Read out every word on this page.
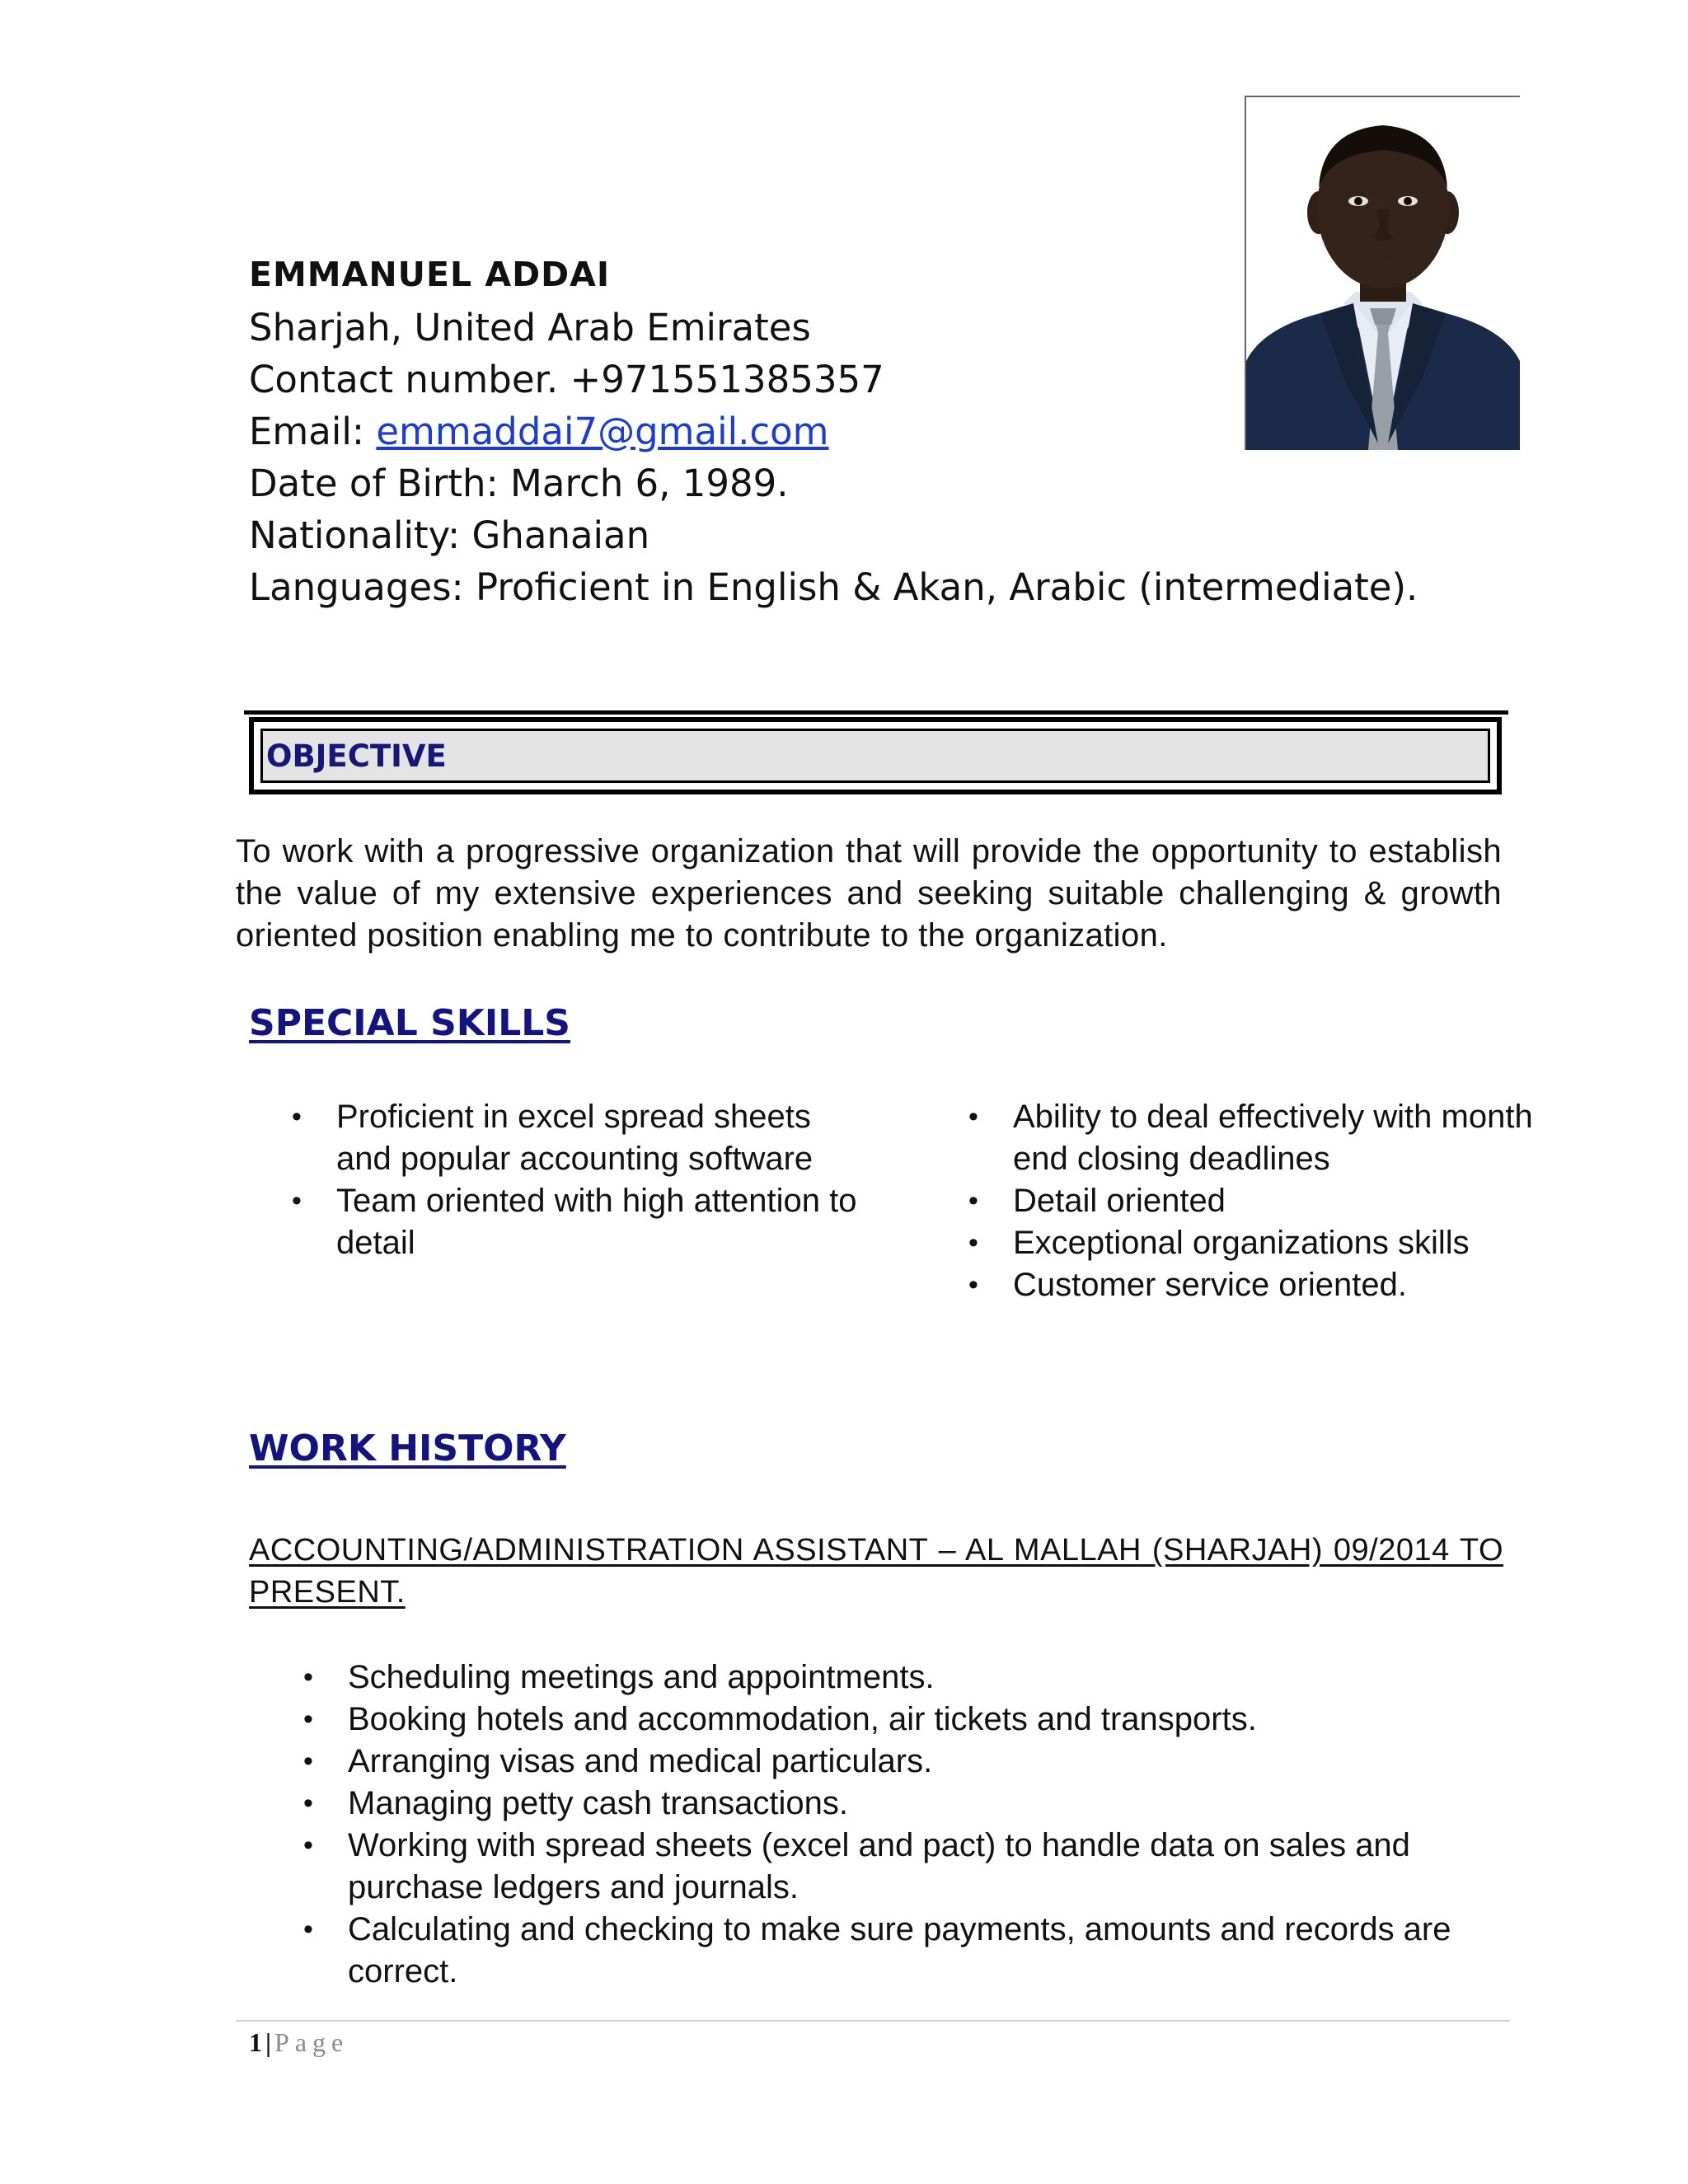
EMMANUEL ADDAI
Sharjah, United Arab Emirates
Contact number. +971551385357
Email: emmaddai7@gmail.com
Date of Birth: March 6, 1989.
Nationality: Ghanaian
Languages: Proficient in English & Akan, Arabic (intermediate).
OBJECTIVE
To work with a progressive organization that will provide the opportunity to establish the value of my extensive experiences and seeking suitable challenging & growth oriented position enabling me to contribute to the organization.
SPECIAL SKILLS
• Proficient in excel spread sheets and popular accounting software
• Team oriented with high attention to detail
• Ability to deal effectively with month end closing deadlines
• Detail oriented
• Exceptional organizations skills
• Customer service oriented.
WORK HISTORY
ACCOUNTING/ADMINISTRATION ASSISTANT – AL MALLAH (SHARJAH) 09/2014 TO PRESENT.
• Scheduling meetings and appointments.
• Booking hotels and accommodation, air tickets and transports.
• Arranging visas and medical particulars.
• Managing petty cash transactions.
• Working with spread sheets (excel and pact) to handle data on sales and purchase ledgers and journals.
• Calculating and checking to make sure payments, amounts and records are correct.
1 | Page
